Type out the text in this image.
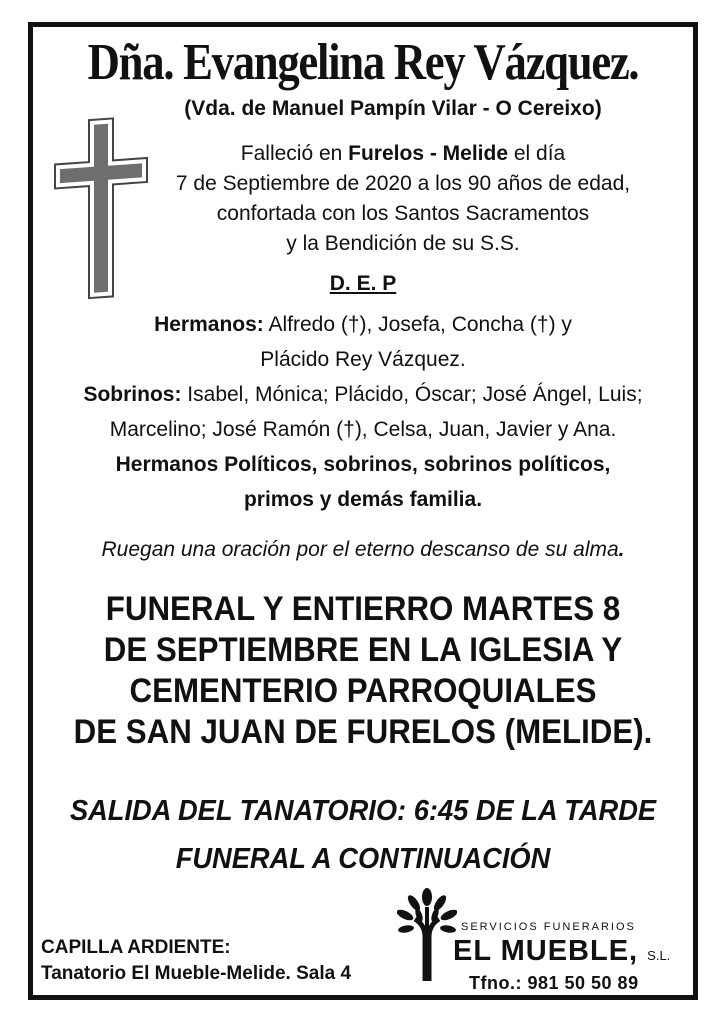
Dña. Evangelina Rey Vázquez.
(Vda. de Manuel Pampín Vilar - O Cereixo)
Falleció en Furelos - Melide el día
7 de Septiembre de 2020 a los 90 años de edad,
confortada con los Santos Sacramentos
y la Bendición de su S.S.
D. E. P
Hermanos: Alfredo (†), Josefa, Concha (†) y
Plácido Rey Vázquez.
Sobrinos: Isabel, Mónica; Plácido, Óscar; José Ángel, Luis;
Marcelino; José Ramón (†), Celsa, Juan, Javier y Ana.
Hermanos Políticos, sobrinos, sobrinos políticos,
primos y demás familia.
Ruegan una oración por el eterno descanso de su alma.
FUNERAL Y ENTIERRO MARTES 8
DE SEPTIEMBRE EN LA IGLESIA Y
CEMENTERIO PARROQUIALES
DE SAN JUAN DE FURELOS (MELIDE).
SALIDA DEL TANATORIO: 6:45 DE LA TARDE
FUNERAL A CONTINUACIÓN
CAPILLA ARDIENTE:
Tanatorio El Mueble-Melide. Sala 4
SERVICIOS FUNERARIOS
EL MUEBLE, S.L.
Tfno.: 981 50 50 89
